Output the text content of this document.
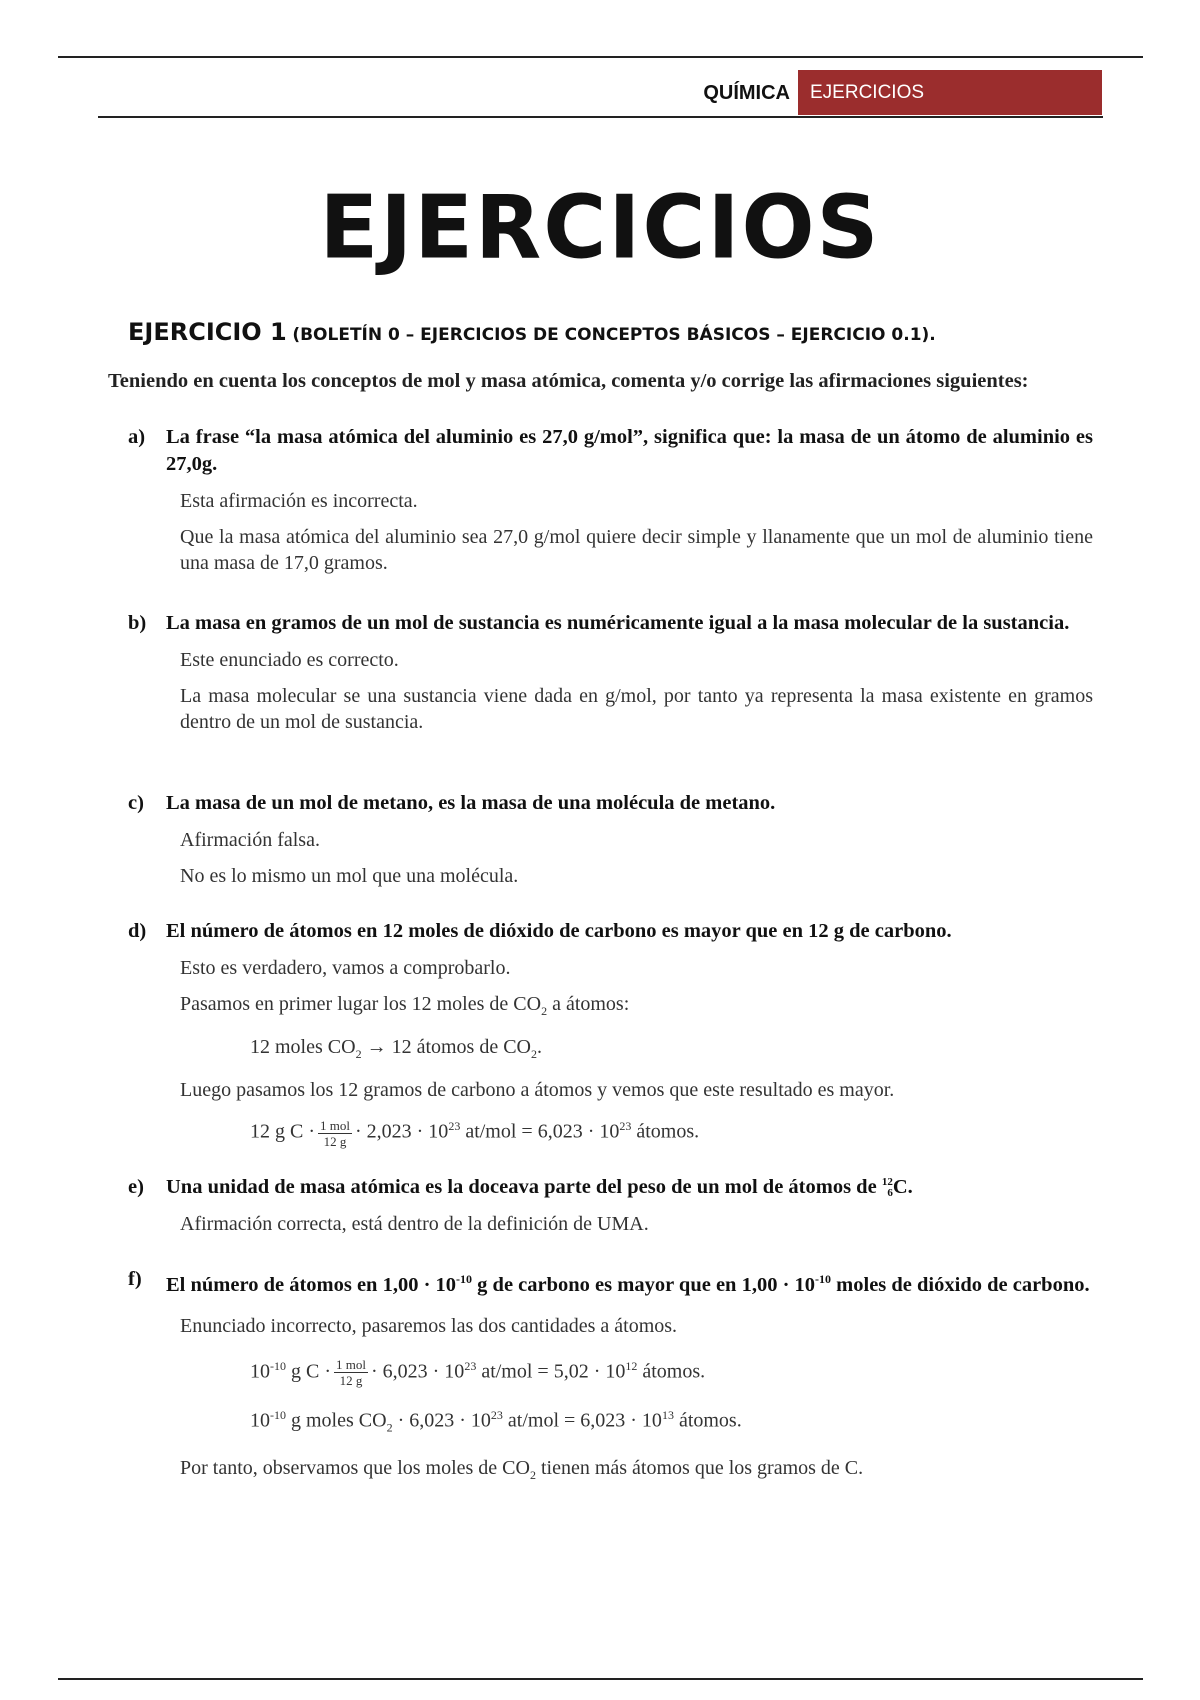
QUÍMICA	EJERCICIOS
EJERCICIOS
EJERCICIO 1 (BOLETÍN 0 – EJERCICIOS DE CONCEPTOS BÁSICOS – EJERCICIO 0.1).
Teniendo en cuenta los conceptos de mol y masa atómica, comenta y/o corrige las afirmaciones siguientes:
a)	La frase “la masa atómica del aluminio es 27,0 g/mol”, significa que: la masa de un átomo de aluminio es 27,0g.
Esta afirmación es incorrecta.
Que la masa atómica del aluminio sea 27,0 g/mol quiere decir simple y llanamente que un mol de aluminio tiene una masa de 17,0 gramos.
b) La masa en gramos de un mol de sustancia es numéricamente igual a la masa molecular de la sustancia.
Este enunciado es correcto.
La masa molecular se una sustancia viene dada en g/mol, por tanto ya representa la masa existente en gramos dentro de un mol de sustancia.
c)	La masa de un mol de metano, es la masa de una molécula de metano.
Afirmación falsa.
No es lo mismo un mol que una molécula.
d) El número de átomos en 12 moles de dióxido de carbono es mayor que en 12 g de carbono.
Esto es verdadero, vamos a comprobarlo.
Pasamos en primer lugar los 12 moles de $CO_2$ a átomos:
12 moles $CO_2 \to 12$ átomos de $CO_2$.
Luego pasamos los 12 gramos de carbono a átomos y vemos que este resultado es mayor.
12 g $C \cdot \frac{\text{1 mol}}{12 g} \cdot 2,023 \cdot 10^{23}$ $at/mol = 6,023 \cdot 10^{23}$ átomos.
e)	Una unidad de masa atómica es la doceava parte del peso de un mol de átomos de 12
6 C.
Afirmación correcta, está dentro de la definición de UMA.
f)	El número de átomos en $1,00 \cdot 10^{-10}$ g de carbono es mayor que en $1,00 \cdot 10^{-10}$ moles de dióxido de carbono.
Enunciado incorrecto, pasaremos las dos cantidades a átomos.
$10^{-10}$ g $C \cdot \frac{\text{1 mol}}{12 g} \cdot 6,023 \cdot 10^{23}$ $at/mol = 5,02 \cdot 10^{12}$ átomos.
$10^{-10}$ g moles $CO_2 \cdot 6,023 \cdot 10^{23}$ $at/mol = 6,023 \cdot 10^{13}$ átomos.
Por tanto, observamos que los moles de $CO_2$ tienen más átomos que los gramos de C.
